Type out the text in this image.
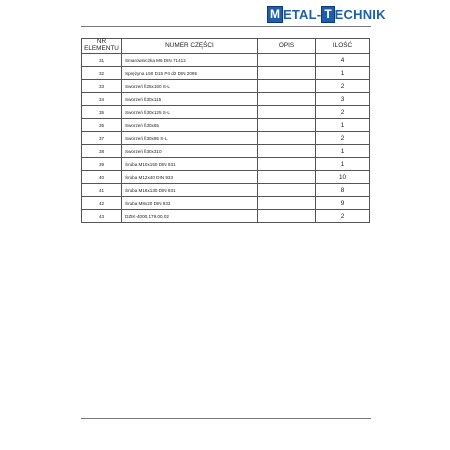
M ETAL- T ECHNIK
NR
ELEMENTU	NUMER CZĘŚCI	OPIS	ILOŚĆ
31	Smarowniczka M6 DIN 71412		4
32	Sprężyna L50 D15 P4 d2 DIN 2095		1
33	Sworzeń fi25x160 S-L		2
34	Sworzeń fi30x115		3
35	Sworzeń fi30x125 S-L		2
36	Sworzeń fi30x65		1
37	Sworzeń fi30x95 S-L		2
38	Sworzeń fi30x310		1
39	Śruba M10x150 DIN 931		1
40	Śruba M12x40 DIN 933		10
41	Śruba M16x130 DIN 931		8
42	Śruba M8x20 DIN 933		9
43	DZIK-4000.179.00.02		2
